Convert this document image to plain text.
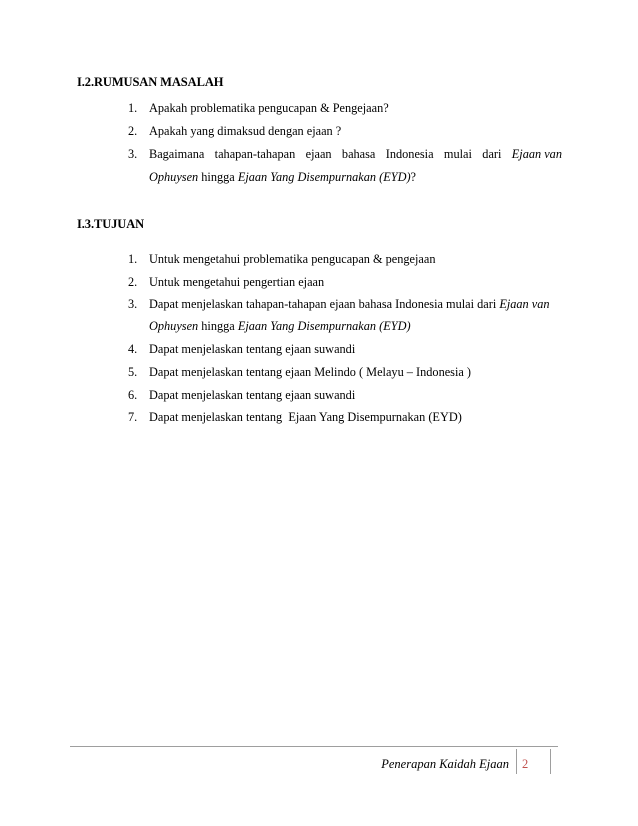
I.2.RUMUSAN MASALAH
1. Apakah problematika pengucapan & Pengejaan?
2. Apakah yang dimaksud dengan ejaan ?
3. Bagaimana tahapan-tahapan ejaan bahasa Indonesia mulai dari Ejaan van
Ophuysen hingga Ejaan Yang Disempurnakan (EYD)?
I.3.TUJUAN
1. Untuk mengetahui problematika pengucapan & pengejaan
2. Untuk mengetahui pengertian ejaan
3. Dapat menjelaskan tahapan-tahapan ejaan bahasa Indonesia mulai dari Ejaan van
Ophuysen hingga Ejaan Yang Disempurnakan (EYD)
4. Dapat menjelaskan tentang ejaan suwandi
5. Dapat menjelaskan tentang ejaan Melindo ( Melayu – Indonesia )
6. Dapat menjelaskan tentang ejaan suwandi
7. Dapat menjelaskan tentang  Ejaan Yang Disempurnakan (EYD)
Penerapan Kaidah Ejaan 2
